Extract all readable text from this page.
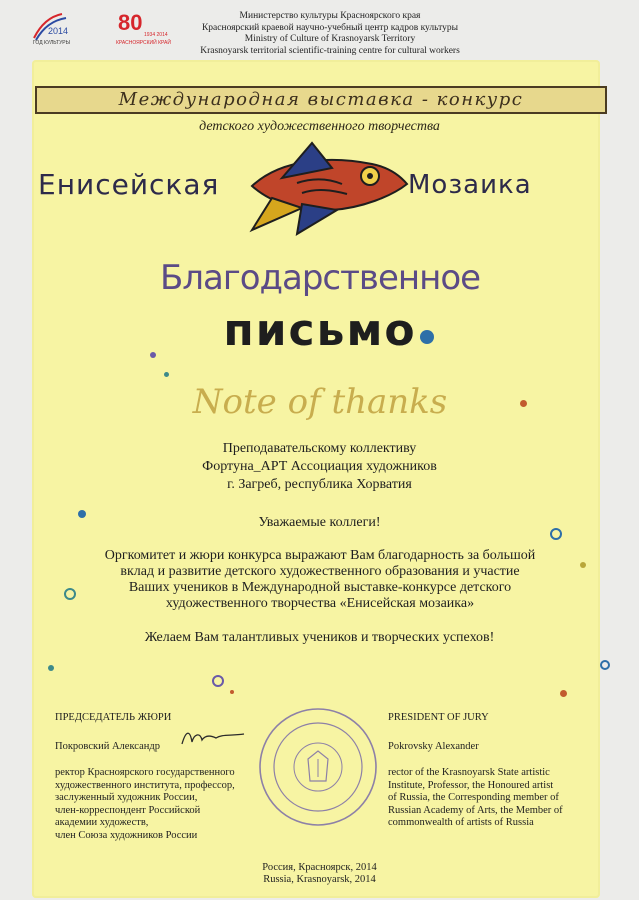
2014
ГОД КУЛЬТУРЫ
80 1934 2014
КРАСНОЯРСКИЙ КРАЙ
Министерство культуры Красноярского края
Красноярский краевой научно-учебный центр кадров культуры
Ministry of Culture of Krasnoyarsk Territory
Krasnoyarsk territorial scientific-training centre for cultural workers
Международная выставка - конкурс
детского художественного творчества
Енисейская	Мозаика
Благодарственное
письмо
Note of thanks
Преподавательскому коллективу
Фортуна_АРТ Ассоциация художников
г. Загреб, республика Хорватия
Уважаемые коллеги!
Оргкомитет и жюри конкурса выражают Вам благодарность за большой вклад и развитие детского художественного образования и участие Ваших учеников в Международной выставке-конкурсе детского художественного творчества «Енисейская мозаика»
Желаем Вам талантливых учеников и творческих успехов!
ПРЕДСЕДАТЕЛЬ ЖЮРИ
Покровский Александр
ректор Красноярского государственного
художественного института, профессор,
заслуженный художник России,
член-корреспондент Российской
академии художеств,
член Союза художников России
PRESIDENT OF JURY
Pokrovsky Alexander
rector of the Krasnoyarsk State artistic
Institute, Professor, the Honoured artist
of Russia, the Corresponding member of
Russian Academy of Arts, the Member of
commonwealth of artists of Russia
Россия, Красноярск, 2014
Russia, Krasnoyarsk, 2014
